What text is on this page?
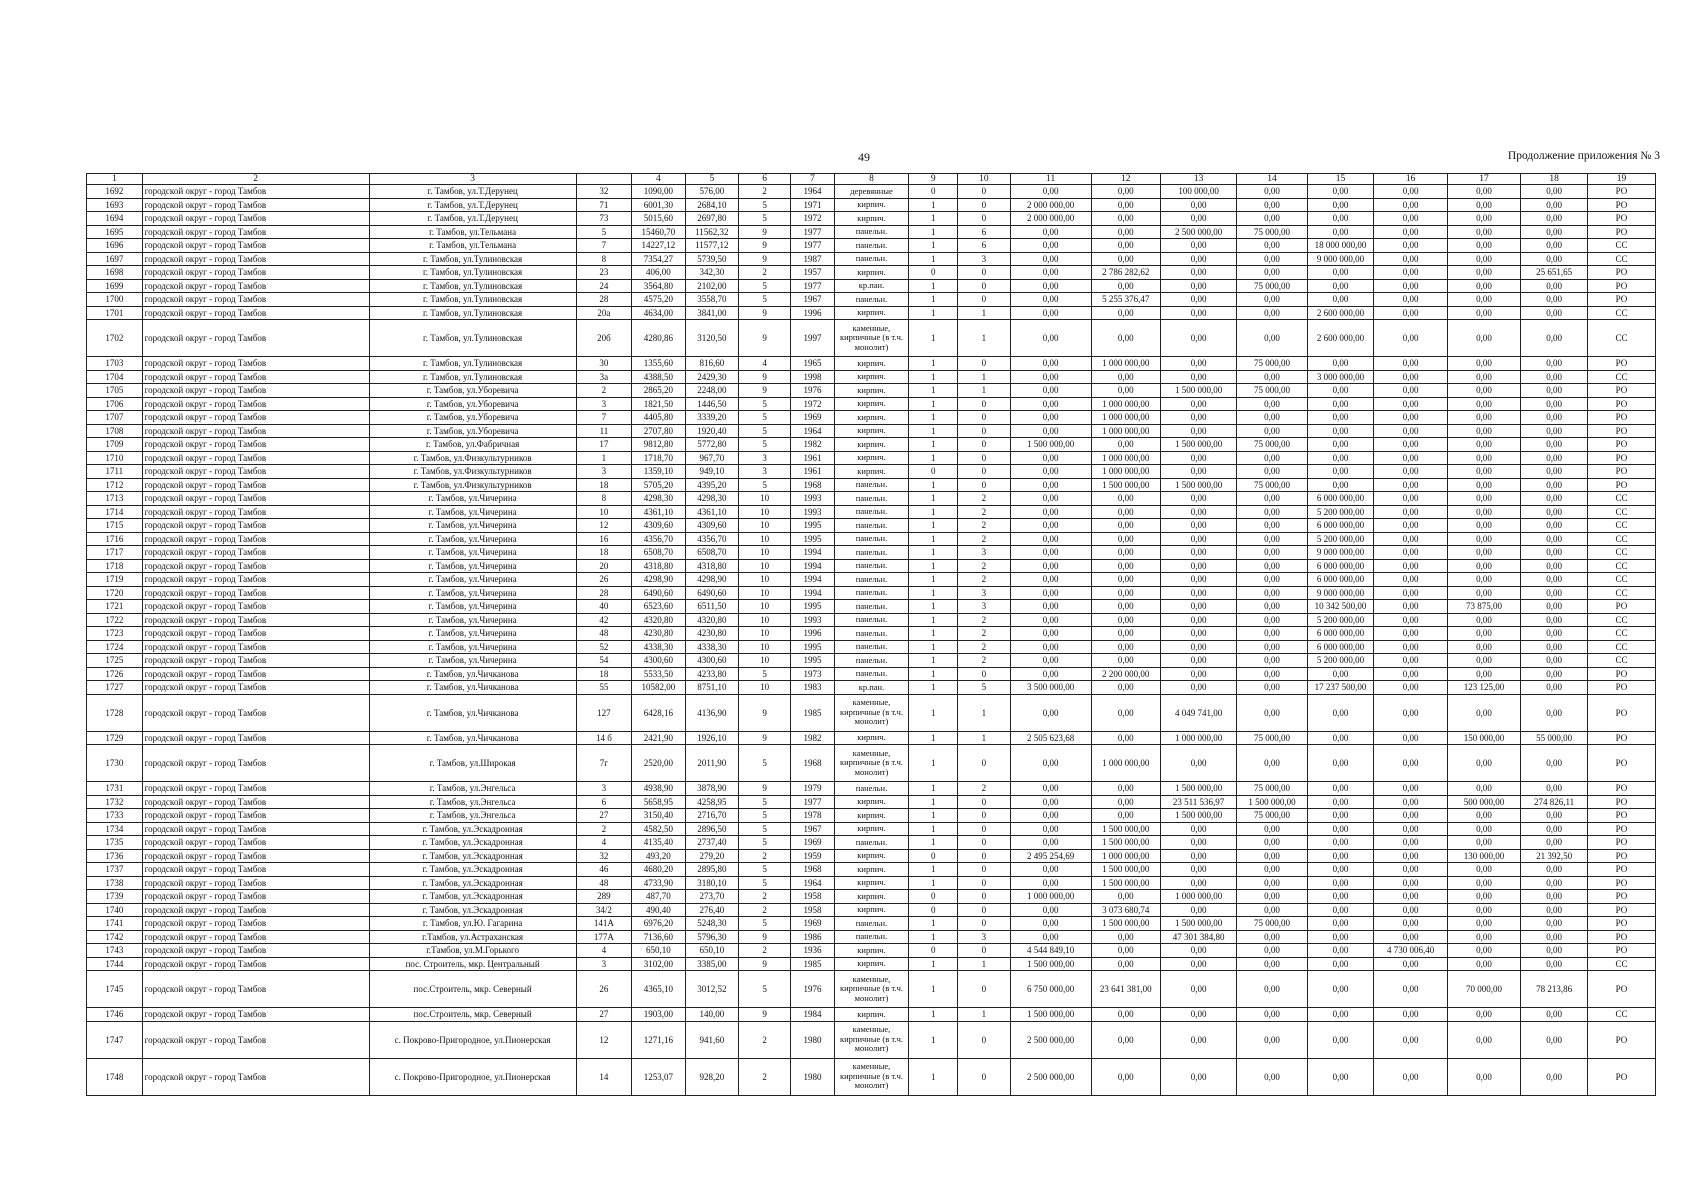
49	Продолжение приложения № 3
1	2	3		4	5	6	7	8	9	10	11	12	13	14	15	16	17	18	19
1692	городской округ - город Тамбов	г. Тамбов, ул.Т.Дерунец	32	1090,00	576,00	2	1964	деревянные	0	0	0,00	0,00	100 000,00	0,00	0,00	0,00	0,00	0,00	РО
1693	городской округ - город Тамбов	г. Тамбов, ул.Т.Дерунец	71	6001,30	2684,10	5	1971	кирпич.	1	0	2 000 000,00	0,00	0,00	0,00	0,00	0,00	0,00	0,00	РО
1694	городской округ - город Тамбов	г. Тамбов, ул.Т.Дерунец	73	5015,60	2697,80	5	1972	кирпич.	1	0	2 000 000,00	0,00	0,00	0,00	0,00	0,00	0,00	0,00	РО
1695	городской округ - город Тамбов	г. Тамбов, ул.Тельмана	5	15460,70	11562,32	9	1977	панельн.	1	6	0,00	0,00	2 500 000,00	75 000,00	0,00	0,00	0,00	0,00	РО
1696	городской округ - город Тамбов	г. Тамбов, ул.Тельмана	7	14227,12	11577,12	9	1977	панельн.	1	6	0,00	0,00	0,00	0,00	18 000 000,00	0,00	0,00	0,00	СС
1697	городской округ - город Тамбов	г. Тамбов, ул.Тулиновская	8	7354,27	5739,50	9	1987	панельн.	1	3	0,00	0,00	0,00	0,00	9 000 000,00	0,00	0,00	0,00	СС
1698	городской округ - город Тамбов	г. Тамбов, ул.Тулиновская	23	406,00	342,30	2	1957	кирпич.	0	0	0,00	2 786 282,62	0,00	0,00	0,00	0,00	0,00	25 651,65	РО
1699	городской округ - город Тамбов	г. Тамбов, ул.Тулиновская	24	3564,80	2102,00	5	1977	кр.пан.	1	0	0,00	0,00	0,00	75 000,00	0,00	0,00	0,00	0,00	РО
1700	городской округ - город Тамбов	г. Тамбов, ул.Тулиновская	28	4575,20	3558,70	5	1967	панельн.	1	0	0,00	5 255 376,47	0,00	0,00	0,00	0,00	0,00	0,00	РО
1701	городской округ - город Тамбов	г. Тамбов, ул.Тулиновская	20а	4634,00	3841,00	9	1996	кирпич.	1	1	0,00	0,00	0,00	0,00	2 600 000,00	0,00	0,00	0,00	СС
1702	городской округ - город Тамбов	г. Тамбов, ул.Тулиновская	20б	4280,86	3120,50	9	1997	каменные, кирпичные (в т.ч. монолит)	1	1	0,00	0,00	0,00	0,00	2 600 000,00	0,00	0,00	0,00	СС
1703	городской округ - город Тамбов	г. Тамбов, ул.Тулиновская	30	1355,60	816,60	4	1965	кирпич.	1	0	0,00	1 000 000,00	0,00	75 000,00	0,00	0,00	0,00	0,00	РО
1704	городской округ - город Тамбов	г. Тамбов, ул.Тулиновская	3а	4388,50	2429,30	9	1998	кирпич.	1	1	0,00	0,00	0,00	0,00	3 000 000,00	0,00	0,00	0,00	СС
1705	городской округ - город Тамбов	г. Тамбов, ул.Уборевича	2	2865,20	2248,00	9	1976	кирпич.	1	1	0,00	0,00	1 500 000,00	75 000,00	0,00	0,00	0,00	0,00	РО
1706	городской округ - город Тамбов	г. Тамбов, ул.Уборевича	3	1821,50	1446,50	5	1972	кирпич.	1	0	0,00	1 000 000,00	0,00	0,00	0,00	0,00	0,00	0,00	РО
1707	городской округ - город Тамбов	г. Тамбов, ул.Уборевича	7	4405,80	3339,20	5	1969	кирпич.	1	0	0,00	1 000 000,00	0,00	0,00	0,00	0,00	0,00	0,00	РО
1708	городской округ - город Тамбов	г. Тамбов, ул.Уборевича	11	2707,80	1920,40	5	1964	кирпич.	1	0	0,00	1 000 000,00	0,00	0,00	0,00	0,00	0,00	0,00	РО
1709	городской округ - город Тамбов	г. Тамбов, ул.Фабричная	17	9812,80	5772,80	5	1982	кирпич.	1	0	1 500 000,00	0,00	1 500 000,00	75 000,00	0,00	0,00	0,00	0,00	РО
1710	городской округ - город Тамбов	г. Тамбов, ул.Физкультурников	1	1718,70	967,70	3	1961	кирпич.	1	0	0,00	1 000 000,00	0,00	0,00	0,00	0,00	0,00	0,00	РО
1711	городской округ - город Тамбов	г. Тамбов, ул.Физкультурников	3	1359,10	949,10	3	1961	кирпич.	0	0	0,00	1 000 000,00	0,00	0,00	0,00	0,00	0,00	0,00	РО
1712	городской округ - город Тамбов	г. Тамбов, ул.Физкультурников	18	5705,20	4395,20	5	1968	панельн.	1	0	0,00	1 500 000,00	1 500 000,00	75 000,00	0,00	0,00	0,00	0,00	РО
1713	городской округ - город Тамбов	г. Тамбов, ул.Чичерина	8	4298,30	4298,30	10	1993	панельн.	1	2	0,00	0,00	0,00	0,00	6 000 000,00	0,00	0,00	0,00	СС
1714	городской округ - город Тамбов	г. Тамбов, ул.Чичерина	10	4361,10	4361,10	10	1993	панельн.	1	2	0,00	0,00	0,00	0,00	5 200 000,00	0,00	0,00	0,00	СС
1715	городской округ - город Тамбов	г. Тамбов, ул.Чичерина	12	4309,60	4309,60	10	1995	панельн.	1	2	0,00	0,00	0,00	0,00	6 000 000,00	0,00	0,00	0,00	СС
1716	городской округ - город Тамбов	г. Тамбов, ул.Чичерина	16	4356,70	4356,70	10	1995	панельн.	1	2	0,00	0,00	0,00	0,00	5 200 000,00	0,00	0,00	0,00	СС
1717	городской округ - город Тамбов	г. Тамбов, ул.Чичерина	18	6508,70	6508,70	10	1994	панельн.	1	3	0,00	0,00	0,00	0,00	9 000 000,00	0,00	0,00	0,00	СС
1718	городской округ - город Тамбов	г. Тамбов, ул.Чичерина	20	4318,80	4318,80	10	1994	панельн.	1	2	0,00	0,00	0,00	0,00	6 000 000,00	0,00	0,00	0,00	СС
1719	городской округ - город Тамбов	г. Тамбов, ул.Чичерина	26	4298,90	4298,90	10	1994	панельн.	1	2	0,00	0,00	0,00	0,00	6 000 000,00	0,00	0,00	0,00	СС
1720	городской округ - город Тамбов	г. Тамбов, ул.Чичерина	28	6490,60	6490,60	10	1994	панельн.	1	3	0,00	0,00	0,00	0,00	9 000 000,00	0,00	0,00	0,00	СС
1721	городской округ - город Тамбов	г. Тамбов, ул.Чичерина	40	6523,60	6511,50	10	1995	панельн.	1	3	0,00	0,00	0,00	0,00	10 342 500,00	0,00	73 875,00	0,00	РО
1722	городской округ - город Тамбов	г. Тамбов, ул.Чичерина	42	4320,80	4320,80	10	1993	панельн.	1	2	0,00	0,00	0,00	0,00	5 200 000,00	0,00	0,00	0,00	СС
1723	городской округ - город Тамбов	г. Тамбов, ул.Чичерина	48	4230,80	4230,80	10	1996	панельн.	1	2	0,00	0,00	0,00	0,00	6 000 000,00	0,00	0,00	0,00	СС
1724	городской округ - город Тамбов	г. Тамбов, ул.Чичерина	52	4338,30	4338,30	10	1995	панельн.	1	2	0,00	0,00	0,00	0,00	6 000 000,00	0,00	0,00	0,00	СС
1725	городской округ - город Тамбов	г. Тамбов, ул.Чичерина	54	4300,60	4300,60	10	1995	панельн.	1	2	0,00	0,00	0,00	0,00	5 200 000,00	0,00	0,00	0,00	СС
1726	городской округ - город Тамбов	г. Тамбов, ул.Чичканова	18	5533,50	4233,80	5	1973	панельн.	1	0	0,00	2 200 000,00	0,00	0,00	0,00	0,00	0,00	0,00	РО
1727	городской округ - город Тамбов	г. Тамбов, ул.Чичканова	55	10582,00	8751,10	10	1983	кр.пан.	1	5	3 500 000,00	0,00	0,00	0,00	17 237 500,00	0,00	123 125,00	0,00	РО
1728	городской округ - город Тамбов	г. Тамбов, ул.Чичканова	127	6428,16	4136,90	9	1985	каменные, кирпичные (в т.ч. монолит)	1	1	0,00	0,00	4 049 741,00	0,00	0,00	0,00	0,00	0,00	РО
1729	городской округ - город Тамбов	г. Тамбов, ул.Чичканова	14 б	2421,90	1926,10	9	1982	кирпич.	1	1	2 505 623,68	0,00	1 000 000,00	75 000,00	0,00	0,00	150 000,00	55 000,00	РО
1730	городской округ - город Тамбов	г. Тамбов, ул.Широкая	7г	2520,00	2011,90	5	1968	каменные, кирпичные (в т.ч. монолит)	1	0	0,00	1 000 000,00	0,00	0,00	0,00	0,00	0,00	0,00	РО
1731	городской округ - город Тамбов	г. Тамбов, ул.Энгельса	3	4938,90	3878,90	9	1979	панельн.	1	2	0,00	0,00	1 500 000,00	75 000,00	0,00	0,00	0,00	0,00	РО
1732	городской округ - город Тамбов	г. Тамбов, ул.Энгельса	6	5658,95	4258,95	5	1977	кирпич.	1	0	0,00	0,00	23 511 536,97	1 500 000,00	0,00	0,00	500 000,00	274 826,11	РО
1733	городской округ - город Тамбов	г. Тамбов, ул.Энгельса	27	3150,40	2716,70	5	1978	кирпич.	1	0	0,00	0,00	1 500 000,00	75 000,00	0,00	0,00	0,00	0,00	РО
1734	городской округ - город Тамбов	г. Тамбов, ул.Эскадронная	2	4582,50	2896,50	5	1967	кирпич.	1	0	0,00	1 500 000,00	0,00	0,00	0,00	0,00	0,00	0,00	РО
1735	городской округ - город Тамбов	г. Тамбов, ул.Эскадронная	4	4135,40	2737,40	5	1969	панельн.	1	0	0,00	1 500 000,00	0,00	0,00	0,00	0,00	0,00	0,00	РО
1736	городской округ - город Тамбов	г. Тамбов, ул.Эскадронная	32	493,20	279,20	2	1959	кирпич.	0	0	2 495 254,69	1 000 000,00	0,00	0,00	0,00	0,00	130 000,00	21 392,50	РО
1737	городской округ - город Тамбов	г. Тамбов, ул.Эскадронная	46	4680,20	2895,80	5	1968	кирпич.	1	0	0,00	1 500 000,00	0,00	0,00	0,00	0,00	0,00	0,00	РО
1738	городской округ - город Тамбов	г. Тамбов, ул.Эскадронная	48	4733,90	3180,10	5	1964	кирпич.	1	0	0,00	1 500 000,00	0,00	0,00	0,00	0,00	0,00	0,00	РО
1739	городской округ - город Тамбов	г. Тамбов, ул.Эскадронная	289	487,70	273,70	2	1958	кирпич.	0	0	1 000 000,00	0,00	1 000 000,00	0,00	0,00	0,00	0,00	0,00	РО
1740	городской округ - город Тамбов	г. Тамбов, ул.Эскадронная	34/2	490,40	276,40	2	1958	кирпич.	0	0	0,00	3 073 680,74	0,00	0,00	0,00	0,00	0,00	0,00	РО
1741	городской округ - город Тамбов	г. Тамбов, ул.Ю. Гагарина	141А	6976,20	5248,30	5	1969	панельн.	1	0	0,00	1 500 000,00	1 500 000,00	75 000,00	0,00	0,00	0,00	0,00	РО
1742	городской округ - город Тамбов	г.Тамбов, ул.Астраханская	177А	7136,60	5796,30	9	1986	панельн.	1	3	0,00	0,00	47 301 384,80	0,00	0,00	0,00	0,00	0,00	РО
1743	городской округ - город Тамбов	г.Тамбов, ул.М.Горького	4	650,10	650,10	2	1936	кирпич.	0	0	4 544 849,10	0,00	0,00	0,00	0,00	4 730 006,40	0,00	0,00	РО
1744	городской округ - город Тамбов	пос. Строитель, мкр. Центральный	3	3102,00	3385,00	9	1985	кирпич.	1	1	1 500 000,00	0,00	0,00	0,00	0,00	0,00	0,00	0,00	СС
1745	городской округ - город Тамбов	пос.Строитель, мкр. Северный	26	4365,10	3012,52	5	1976	каменные, кирпичные (в т.ч. монолит)	1	0	6 750 000,00	23 641 381,00	0,00	0,00	0,00	0,00	70 000,00	78 213,86	РО
1746	городской округ - город Тамбов	пос.Строитель, мкр. Северный	27	1903,00	140,00	9	1984	кирпич.	1	1	1 500 000,00	0,00	0,00	0,00	0,00	0,00	0,00	0,00	СС
1747	городской округ - город Тамбов	с. Покрово-Пригородное, ул.Пионерская	12	1271,16	941,60	2	1980	каменные, кирпичные (в т.ч. монолит)	1	0	2 500 000,00	0,00	0,00	0,00	0,00	0,00	0,00	0,00	РО
1748	городской округ - город Тамбов	с. Покрово-Пригородное, ул.Пионерская	14	1253,07	928,20	2	1980	каменные, кирпичные (в т.ч. монолит)	1	0	2 500 000,00	0,00	0,00	0,00	0,00	0,00	0,00	0,00	РО
